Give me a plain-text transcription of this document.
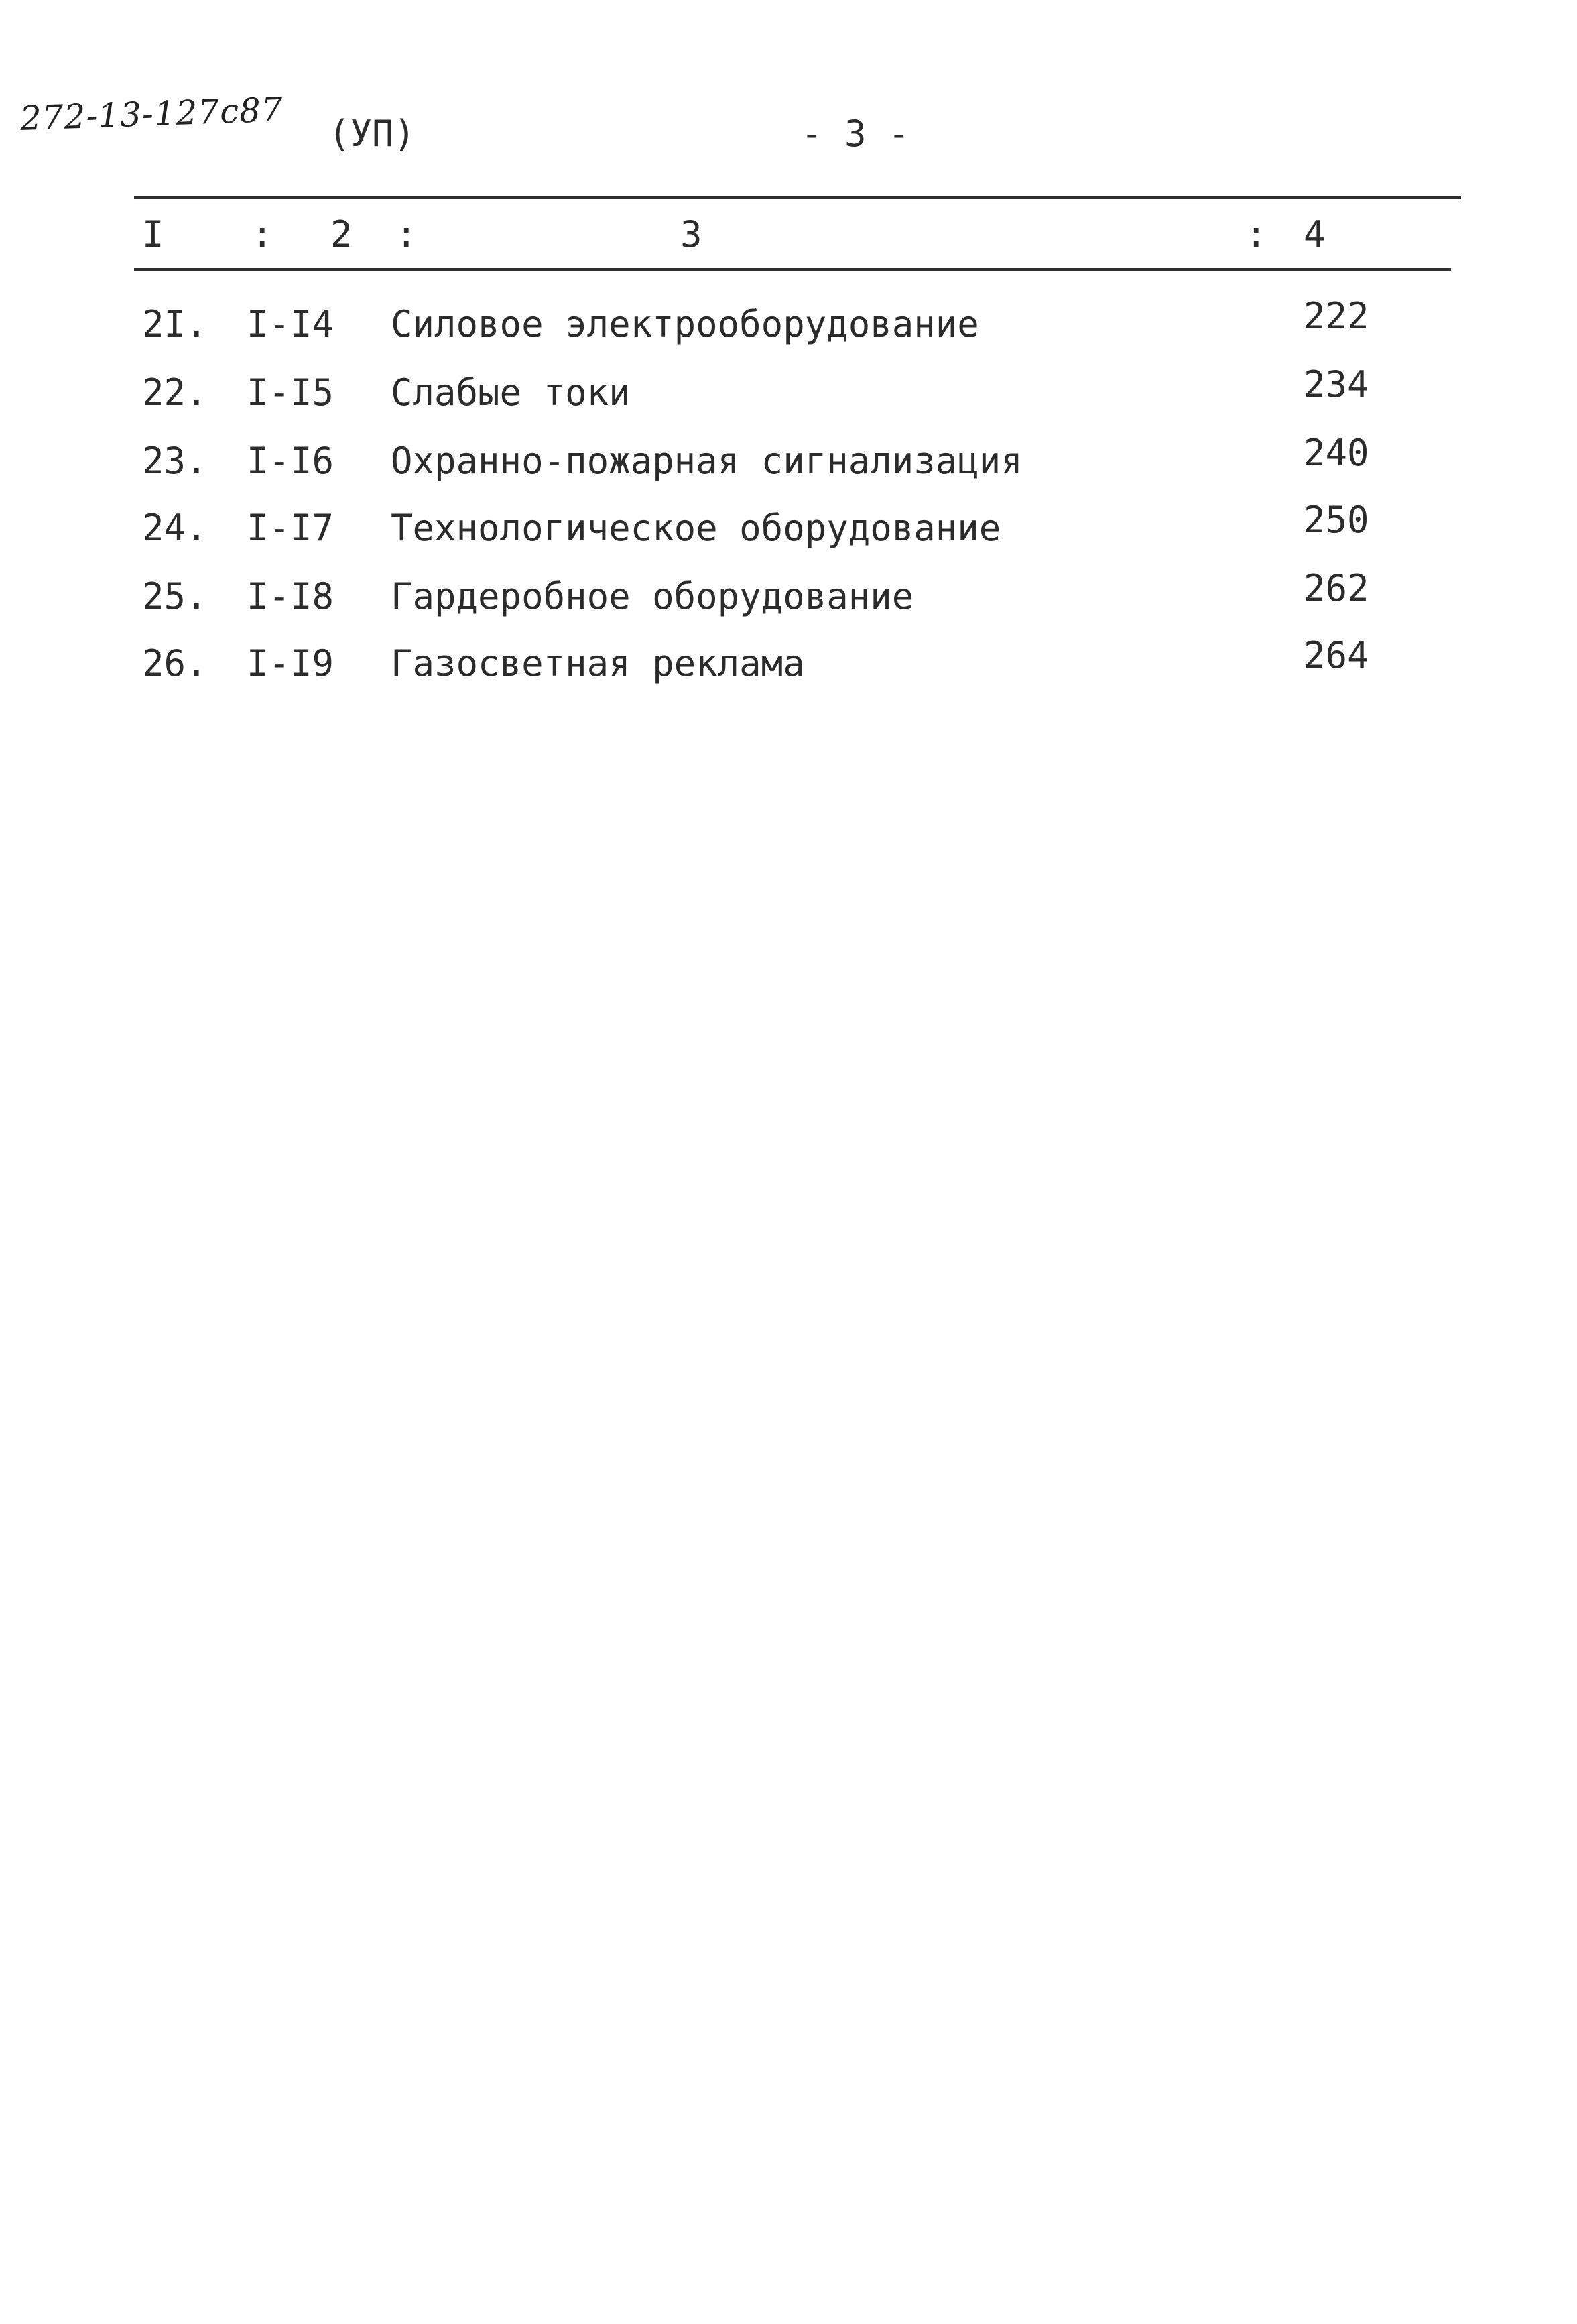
272-13-127c87 (УП)	- 3 -
I : 2 :	3	: 4
2I. I-I4 Силовое электрооборудование	222
22. I-I5 Слабые токи	234
23. I-I6 Охранно-пожарная сигнализация	240
24. I-I7 Технологическое оборудование	250
25. I-I8 Гардеробное оборудование	262
26. I-I9 Газосветная реклама	264
